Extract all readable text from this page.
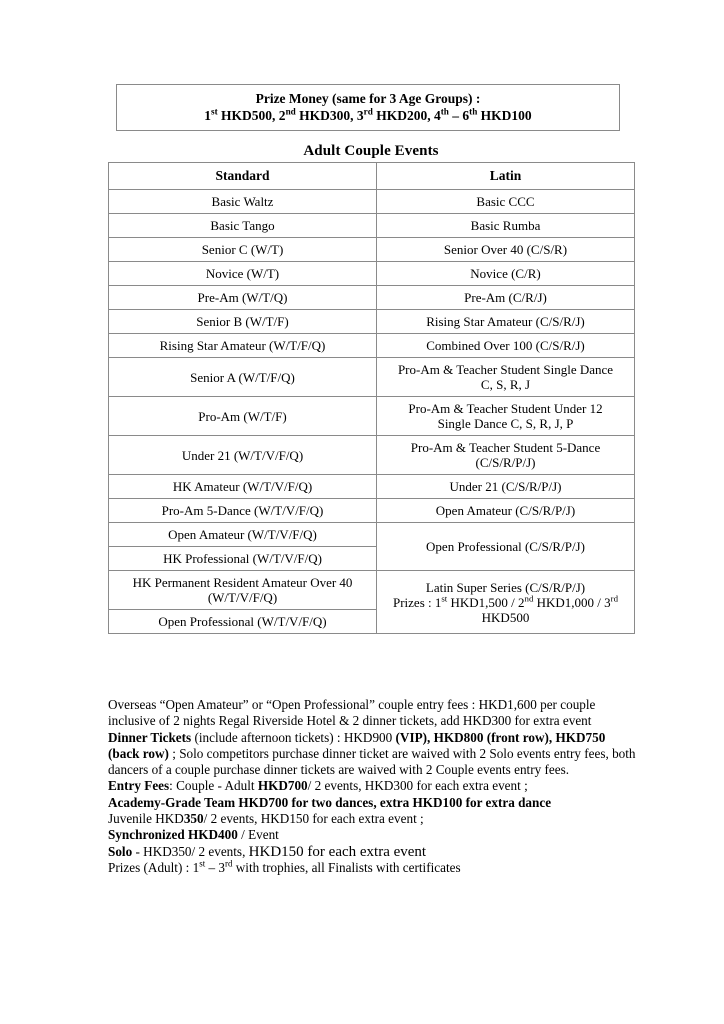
Prize Money (same for 3 Age Groups) :
1st HKD500, 2nd HKD300, 3rd HKD200, 4th – 6th HKD100
Adult Couple Events
Standard	Latin
Basic Waltz	Basic CCC
Basic Tango	Basic Rumba
Senior C (W/T)	Senior Over 40 (C/S/R)
Novice (W/T)	Novice (C/R)
Pre-Am (W/T/Q)	Pre-Am (C/R/J)
Senior B (W/T/F)	Rising Star Amateur (C/S/R/J)
Rising Star Amateur (W/T/F/Q)	Combined Over 100 (C/S/R/J)
Senior A (W/T/F/Q)	Pro-Am & Teacher Student Single Dance
C, S, R, J
Pro-Am (W/T/F)	Pro-Am & Teacher Student Under 12
Single Dance C, S, R, J, P
Under 21 (W/T/V/F/Q)	Pro-Am & Teacher Student 5-Dance
(C/S/R/P/J)
HK Amateur (W/T/V/F/Q)	Under 21 (C/S/R/P/J)
Pro-Am 5-Dance (W/T/V/F/Q)	Open Amateur (C/S/R/P/J)
Open Amateur (W/T/V/F/Q)	Open Professional (C/S/R/P/J)
HK Professional (W/T/V/F/Q)	
HK Permanent Resident Amateur Over 40
(W/T/V/F/Q)	Latin Super Series (C/S/R/P/J)
Prizes : 1st HKD1,500 / 2nd HKD1,000 / 3rd HKD500
Open Professional (W/T/V/F/Q)	

Overseas “Open Amateur” or “Open Professional” couple entry fees : HKD1,600 per couple inclusive of 2 nights Regal Riverside Hotel & 2 dinner tickets, add HKD300 for extra event

Dinner Tickets (include afternoon tickets) : HKD900 (VIP), HKD800 (front row), HKD750 (back row) ; Solo competitors purchase dinner ticket are waived with 2 Solo events entry fees, both dancers of a couple purchase dinner tickets are waived with 2 Couple events entry fees.

Entry Fees: Couple - Adult HKD700/ 2 events, HKD300 for each extra event ;

Academy-Grade Team HKD700 for two dances, extra HKD100 for extra dance

Juvenile HKD350/ 2 events, HKD150 for each extra event ;

Synchronized HKD400 / Event

Solo - HKD350/ 2 events, HKD150 for each extra event

Prizes (Adult) : 1st – 3rd with trophies, all Finalists with certificates
